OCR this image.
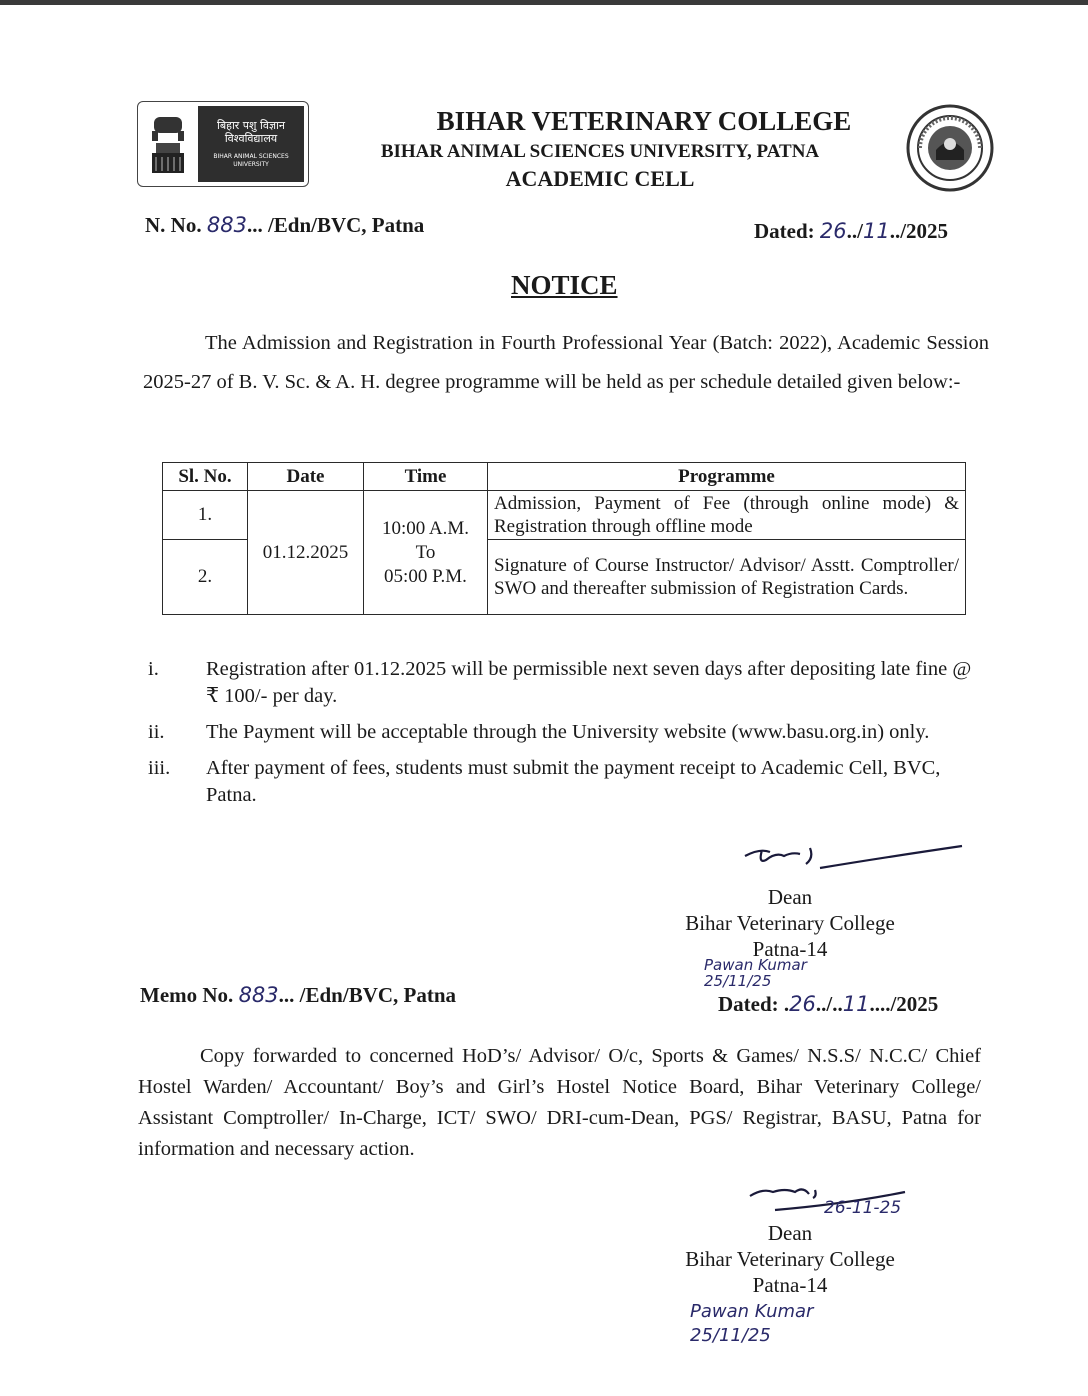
बिहार पशु विज्ञान
विश्वविद्यालय
BIHAR ANIMAL SCIENCES UNIVERSITY
BIHAR VETERINARY COLLEGE
BIHAR ANIMAL SCIENCES UNIVERSITY, PATNA
ACADEMIC CELL
N. No. 883... /Edn/BVC, Patna	Dated: 26../11../2025
NOTICE
The Admission and Registration in Fourth Professional Year (Batch: 2022), Academic Session 2025-27 of B. V. Sc. & A. H. degree programme will be held as per schedule detailed given below:-
Sl. No.	Date	Time	Programme
1.	01.12.2025	10:00 A.M.
To
05:00 P.M.	Admission, Payment of Fee (through online mode) & Registration through offline mode
2.			Signature of Course Instructor/ Advisor/ Asstt. Comptroller/ SWO and thereafter submission of Registration Cards.
i.	Registration after 01.12.2025 will be permissible next seven days after depositing late fine @ ₹ 100/- per day.
ii.	The Payment will be acceptable through the University website (www.basu.org.in) only.
iii.	After payment of fees, students must submit the payment receipt to Academic Cell, BVC, Patna.
Dean
Bihar Veterinary College
Patna-14
Pawan Kumar
25/11/25
Memo No. 883... /Edn/BVC, Patna	Dated: .26../..11..../2025
Copy forwarded to concerned HoD’s/ Advisor/ O/c, Sports & Games/ N.S.S/ N.C.C/ Chief Hostel Warden/ Accountant/ Boy’s and Girl’s Hostel Notice Board, Bihar Veterinary College/ Assistant Comptroller/ In-Charge, ICT/ SWO/ DRI-cum-Dean, PGS/ Registrar, BASU, Patna for information and necessary action.
26-11-25
Dean
Bihar Veterinary College
Patna-14
Pawan Kumar
25/11/25
